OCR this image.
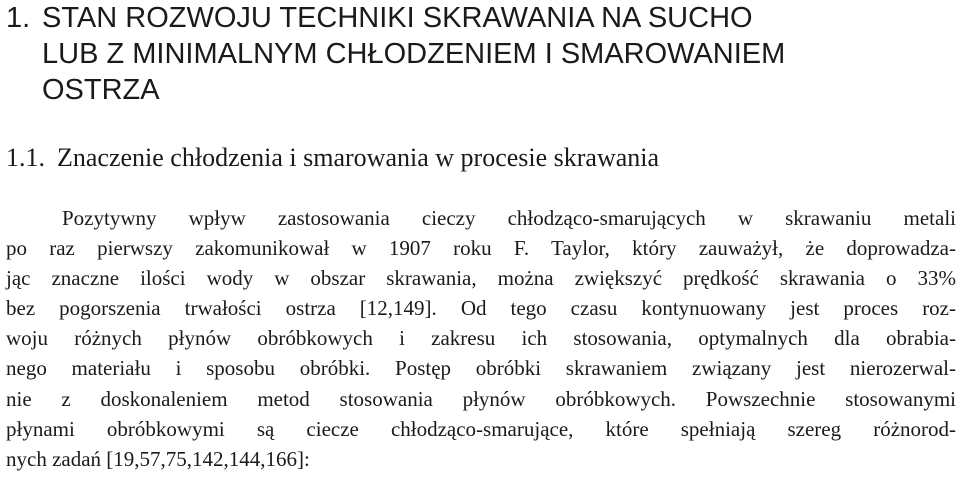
1. STAN ROZWOJU TECHNIKI SKRAWANIA NA SUCHO
LUB Z MINIMALNYM CHŁODZENIEM I SMAROWANIEM
OSTRZA
1.1. Znaczenie chłodzenia i smarowania w procesie skrawania

Pozytywny wpływ zastosowania cieczy chłodząco-smarujących w skrawaniu metali
po raz pierwszy zakomunikował w 1907 roku F. Taylor, który zauważył, że doprowadza-
jąc znaczne ilości wody w obszar skrawania, można zwiększyć prędkość skrawania o 33%
bez pogorszenia trwałości ostrza [12,149]. Od tego czasu kontynuowany jest proces roz-
woju różnych płynów obróbkowych i zakresu ich stosowania, optymalnych dla obrabia-
nego materiału i sposobu obróbki. Postęp obróbki skrawaniem związany jest nierozerwal-
nie z doskonaleniem metod stosowania płynów obróbkowych. Powszechnie stosowanymi
płynami obróbkowymi są ciecze chłodząco-smarujące, które spełniają szereg różnorod-
nych zadań [19,57,75,142,144,166]:
